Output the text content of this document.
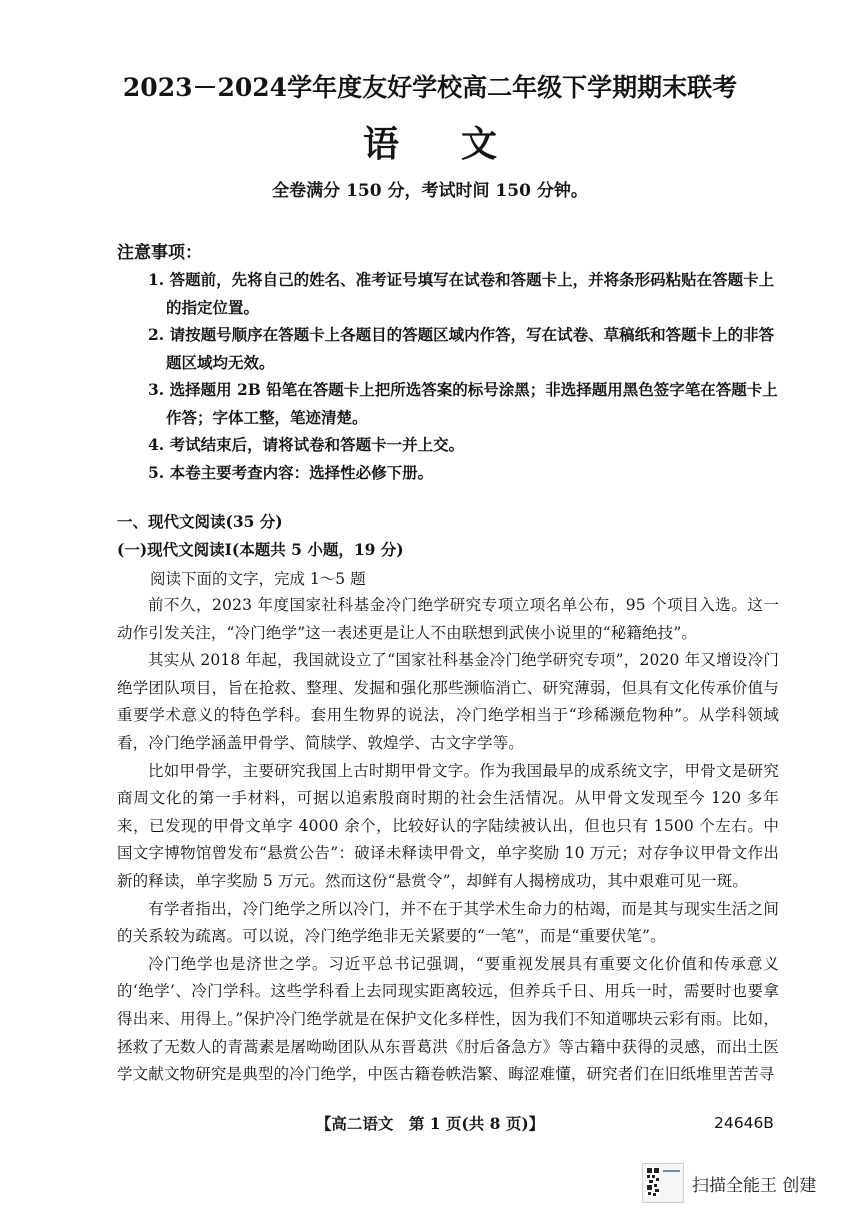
2023－2024学年度友好学校高二年级下学期期末联考
语 文
全卷满分 150 分，考试时间 150 分钟。
注意事项：

1. 答题前，先将自己的姓名、准考证号填写在试卷和答题卡上，并将条形码粘贴在答题卡上的指定位置。

2. 请按题号顺序在答题卡上各题目的答题区域内作答，写在试卷、草稿纸和答题卡上的非答题区域均无效。

3. 选择题用 2B 铅笔在答题卡上把所选答案的标号涂黑；非选择题用黑色签字笔在答题卡上作答；字体工整，笔迹清楚。

4. 考试结束后，请将试卷和答题卡一并上交。

5. 本卷主要考查内容：选择性必修下册。

一、现代文阅读(35 分)
(一)现代文阅读Ⅰ(本题共 5 小题，19 分)
阅读下面的文字，完成 1～5 题

前不久，2023 年度国家社科基金冷门绝学研究专项立项名单公布，95 个项目入选。这一动作引发关注，“冷门绝学”这一表述更是让人不由联想到武侠小说里的“秘籍绝技”。

其实从 2018 年起，我国就设立了“国家社科基金冷门绝学研究专项”，2020 年又增设冷门绝学团队项目，旨在抢救、整理、发掘和强化那些濒临消亡、研究薄弱，但具有文化传承价值与重要学术意义的特色学科。套用生物界的说法，冷门绝学相当于“珍稀濒危物种”。从学科领域看，冷门绝学涵盖甲骨学、简牍学、敦煌学、古文字学等。

比如甲骨学，主要研究我国上古时期甲骨文字。作为我国最早的成系统文字，甲骨文是研究商周文化的第一手材料，可据以追索殷商时期的社会生活情况。从甲骨文发现至今 120 多年来，已发现的甲骨文单字 4000 余个，比较好认的字陆续被认出，但也只有 1500 个左右。中国文字博物馆曾发布“悬赏公告”：破译未释读甲骨文，单字奖励 10 万元；对存争议甲骨文作出新的释读，单字奖励 5 万元。然而这份“悬赏令”，却鲜有人揭榜成功，其中艰难可见一斑。

有学者指出，冷门绝学之所以冷门，并不在于其学术生命力的枯竭，而是其与现实生活之间的关系较为疏离。可以说，冷门绝学绝非无关紧要的“一笔”，而是“重要伏笔”。

冷门绝学也是济世之学。习近平总书记强调，“要重视发展具有重要文化价值和传承意义的‘绝学’、冷门学科。这些学科看上去同现实距离较远，但养兵千日、用兵一时，需要时也要拿得出来、用得上。”保护冷门绝学就是在保护文化多样性，因为我们不知道哪块云彩有雨。比如，拯救了无数人的青蒿素是屠呦呦团队从东晋葛洪《肘后备急方》等古籍中获得的灵感，而出土医学文献文物研究是典型的冷门绝学，中医古籍卷帙浩繁、晦涩难懂，研究者们在旧纸堆里苦苦寻

【高二语文　第 1 页(共 8 页)】	24646B
扫描全能王 创建
